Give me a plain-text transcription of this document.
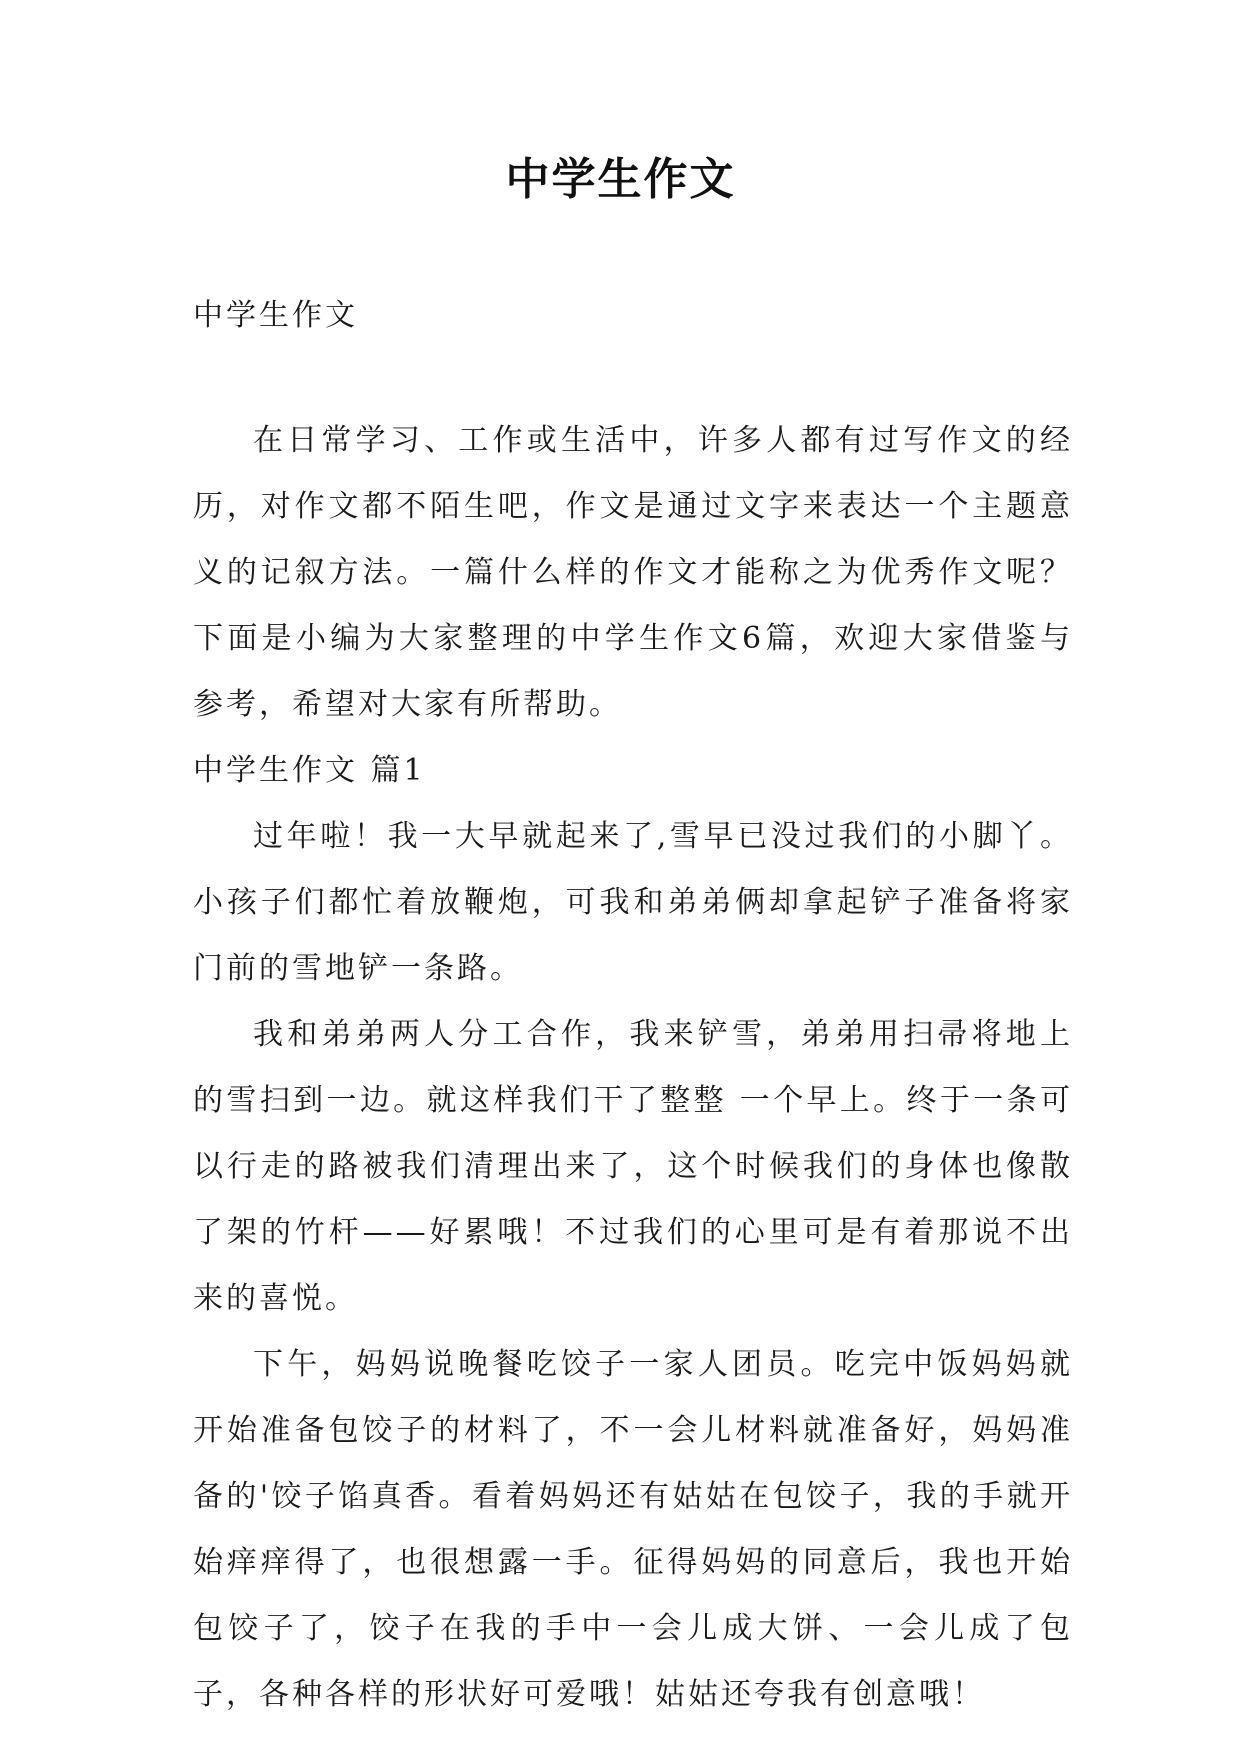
中学生作文
中学生作文

在日常学习、工作或生活中，许多人都有过写作文的经历，对作文都不陌生吧，作文是通过文字来表达一个主题意义的记叙方法。一篇什么样的作文才能称之为优秀作文呢？下面是小编为大家整理的中学生作文6篇，欢迎大家借鉴与参考，希望对大家有所帮助。

中学生作文 篇1

过年啦！我一大早就起来了,雪早已没过我们的小脚丫。小孩子们都忙着放鞭炮，可我和弟弟俩却拿起铲子准备将家门前的雪地铲一条路。

我和弟弟两人分工合作，我来铲雪，弟弟用扫帚将地上的雪扫到一边。就这样我们干了整整 一个早上。终于一条可以行走的路被我们清理出来了，这个时候我们的身体也像散了架的竹杆——好累哦！不过我们的心里可是有着那说不出来的喜悦。

下午，妈妈说晚餐吃饺子一家人团员。吃完中饭妈妈就开始准备包饺子的材料了，不一会儿材料就准备好，妈妈准备的'饺子馅真香。看着妈妈还有姑姑在包饺子，我的手就开始痒痒得了，也很想露一手。征得妈妈的同意后，我也开始包饺子了，饺子在我的手中一会儿成大饼、一会儿成了包子，各种各样的形状好可爱哦！姑姑还夸我有创意哦！
